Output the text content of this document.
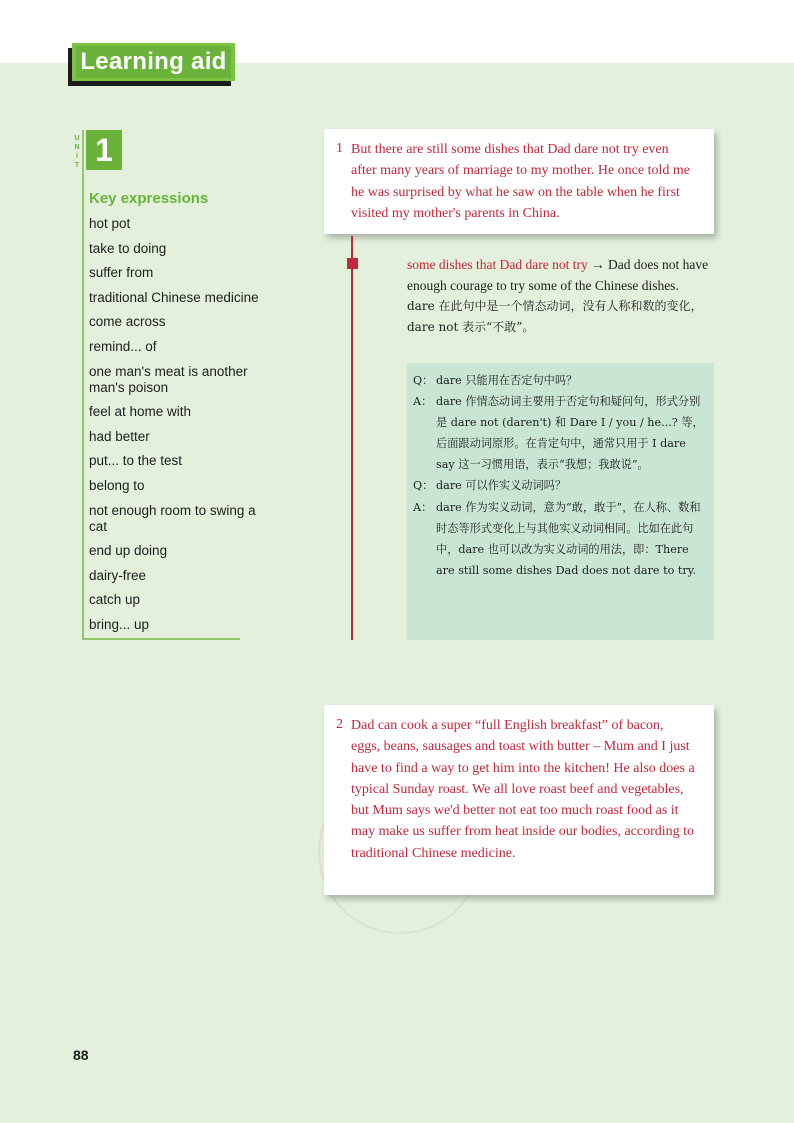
Learning aid
U
N
I
T 1
Key expressions
hot pot
take to doing
suffer from
traditional Chinese medicine
come across
remind... of
one man's meat is another man's poison
feel at home with
had better
put... to the test
belong to
not enough room to swing a cat
end up doing
dairy-free
catch up
bring... up
1 But there are still some dishes that Dad dare not try even after many years of marriage to my mother. He once told me he was surprised by what he saw on the table when he first visited my mother's parents in China.
some dishes that Dad dare not try → Dad does not have enough courage to try some of the Chinese dishes.
dare 在此句中是一个情态动词，没有人称和数的变化，dare not 表示“不敢”。
Q： dare 只能用在否定句中吗？
A： dare 作情态动词主要用于否定句和疑问句，形式分别是 dare not (daren't) 和 Dare I / you / he...? 等，后面跟动词原形。在肯定句中，通常只用于 I dare say 这一习惯用语，表示“我想；我敢说”。
Q： dare 可以作实义动词吗？
A： dare 作为实义动词，意为“敢，敢于”，在人称、数和时态等形式变化上与其他实义动词相同。比如在此句中，dare 也可以改为实义动词的用法，即：There are still some dishes Dad does not dare to try.
2 Dad can cook a super “full English breakfast” of bacon, eggs, beans, sausages and toast with butter – Mum and I just have to find a way to get him into the kitchen! He also does a typical Sunday roast. We all love roast beef and vegetables, but Mum says we'd better not eat too much roast food as it may make us suffer from heat inside our bodies, according to traditional Chinese medicine.
88
